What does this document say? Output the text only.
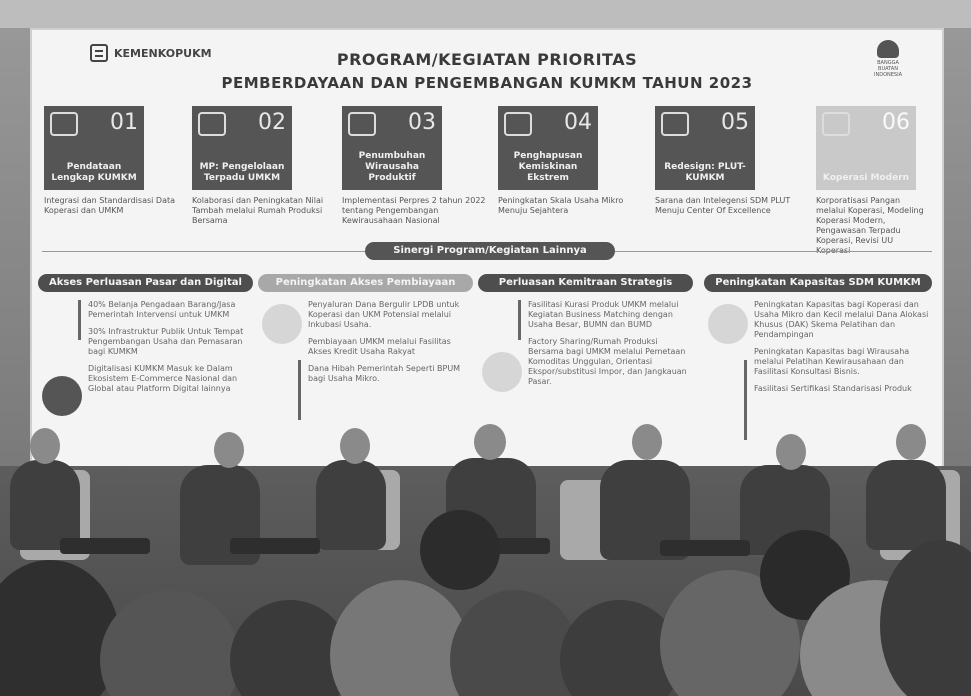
KEMENKOPUKM
BANGGA BUATAN INDONESIA
PROGRAM/KEGIATAN PRIORITAS
PEMBERDAYAAN DAN PENGEMBANGAN KUMKM TAHUN 2023
01
Pendataan Lengkap KUMKM
Integrasi dan Standardisasi Data Koperasi dan UMKM
02
MP: Pengelolaan Terpadu UMKM
Kolaborasi dan Peningkatan Nilai Tambah melalui Rumah Produksi Bersama
03
Penumbuhan Wirausaha Produktif
Implementasi Perpres 2 tahun 2022 tentang Pengembangan Kewirausahaan Nasional
04
Penghapusan Kemiskinan Ekstrem
Peningkatan Skala Usaha Mikro Menuju Sejahtera
05
Redesign: PLUT-KUMKM
Sarana dan Intelegensi SDM PLUT Menuju Center Of Excellence
06
Koperasi Modern
Korporatisasi Pangan melalui Koperasi, Modeling Koperasi Modern, Pengawasan Terpadu Koperasi, Revisi UU
Sinergi Program/Kegiatan Lainnya
Akses Perluasan Pasar dan Digital

40% Belanja Pengadaan Barang/Jasa Pemerintah Intervensi untuk UMKM

30% Infrastruktur Publik Untuk Tempat Pengembangan Usaha dan Pemasaran bagi KUMKM

Digitalisasi KUMKM Masuk ke Dalam Ekosistem E-Commerce Nasional dan Global atau Platform Digital lainnya

Peningkatan Akses Pembiayaan

Penyaluran Dana Bergulir LPDB untuk Koperasi dan UKM Potensial melalui Inkubasi Usaha.

Pembiayaan UMKM melalui Fasilitas Akses Kredit Usaha Rakyat

Dana Hibah Pemerintah Seperti BPUM bagi Usaha Mikro.

Perluasan Kemitraan Strategis

Fasilitasi Kurasi Produk UMKM melalui Kegiatan Business Matching dengan Usaha Besar, BUMN dan BUMD

Factory Sharing/Rumah Produksi Bersama bagi UMKM melalui Pemetaan Komoditas Unggulan, Orientasi Ekspor/substitusi Impor, dan Jangkauan Pasar.

Peningkatan Kapasitas SDM KUMKM

Peningkatan Kapasitas bagi Koperasi dan Usaha Mikro dan Kecil melalui Dana Alokasi Khusus (DAK) Skema Pelatihan dan Pendampingan

Peningkatan Kapasitas bagi Wirausaha melalui Pelatihan Kewirausahaan dan Fasilitasi Konsultasi Bisnis.

Fasilitasi Sertifikasi Standarisasi Produk
